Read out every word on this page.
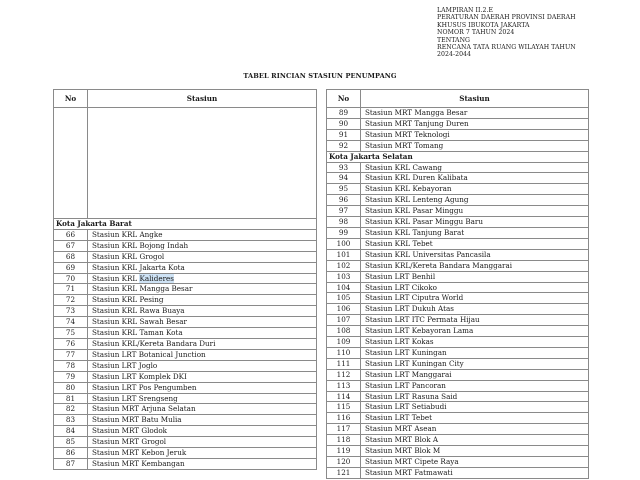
LAMPIRAN II.2.E
PERATURAN DAERAH PROVINSI DAERAH
KHUSUS IBUKOTA JAKARTA
NOMOR 7 TAHUN 2024
TENTANG
RENCANA TATA RUANG WILAYAH TAHUN
2024-2044
TABEL RINCIAN STASIUN PENUMPANG
No	Stasiun

Kota Jakarta Barat	
66	Stasiun KRL Angke
67	Stasiun KRL Bojong Indah
68	Stasiun KRL Grogol
69	Stasiun KRL Jakarta Kota
70	Stasiun KRL Kalideres
71	Stasiun KRL Mangga Besar
72	Stasiun KRL Pesing
73	Stasiun KRL Rawa Buaya
74	Stasiun KRL Sawah Besar
75	Stasiun KRL Taman Kota
76	Stasiun KRL/Kereta Bandara Duri
77	Stasiun LRT Botanical Junction
78	Stasiun LRT Joglo
79	Stasiun LRT Komplek DKI
80	Stasiun LRT Pos Pengumben
81	Stasiun LRT Srengseng
82	Stasiun MRT Arjuna Selatan
83	Stasiun MRT Batu Mulia
84	Stasiun MRT Glodok
85	Stasiun MRT Grogol
86	Stasiun MRT Kebon Jeruk
87	Stasiun MRT Kembangan
No	Stasiun
89	Stasiun MRT Mangga Besar
90	Stasiun MRT Tanjung Duren
91	Stasiun MRT Teknologi
92	Stasiun MRT Tomang
Kota Jakarta Selatan	
93	Stasiun KRL Cawang
94	Stasiun KRL Duren Kalibata
95	Stasiun KRL Kebayoran
96	Stasiun KRL Lenteng Agung
97	Stasiun KRL Pasar Minggu
98	Stasiun KRL Pasar Minggu Baru
99	Stasiun KRL Tanjung Barat
100	Stasiun KRL Tebet
101	Stasiun KRL Universitas Pancasila
102	Stasiun KRL/Kereta Bandara Manggarai
103	Stasiun LRT Benhil
104	Stasiun LRT Cikoko
105	Stasiun LRT Ciputra World
106	Stasiun LRT Dukuh Atas
107	Stasiun LRT ITC Permata Hijau
108	Stasiun LRT Kebayoran Lama
109	Stasiun LRT Kokas
110	Stasiun LRT Kuningan
111	Stasiun LRT Kuningan City
112	Stasiun LRT Manggarai
113	Stasiun LRT Pancoran
114	Stasiun LRT Rasuna Said
115	Stasiun LRT Setiabudi
116	Stasiun LRT Tebet
117	Stasiun MRT Asean
118	Stasiun MRT Blok A
119	Stasiun MRT Blok M
120	Stasiun MRT Cipete Raya
121	Stasiun MRT Fatmawati
